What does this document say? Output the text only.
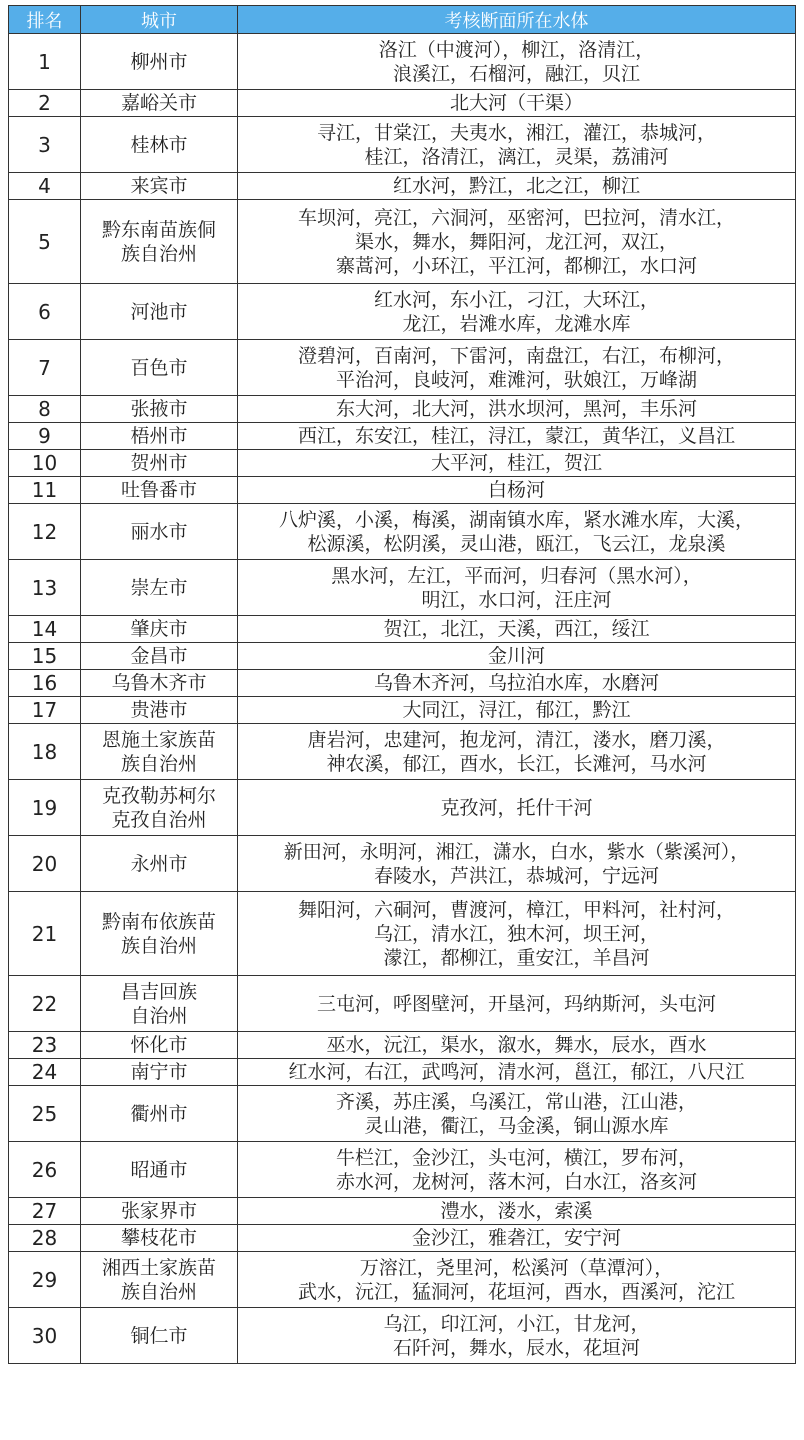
排名	城市	考核断面所在水体
1	柳州市	洛江（中渡河），柳江，洛清江，
浪溪江，石榴河，融江，贝江

2	嘉峪关市	北大河（干渠）

3	桂林市	寻江，甘棠江，夫夷水，湘江，灌江，恭城河，
桂江，洛清江，漓江，灵渠，荔浦河

4	来宾市	红水河，黔江，北之江，柳江

5	黔东南苗族侗
族自治州	车坝河，亮江，六洞河，巫密河，巴拉河，清水江，
渠水，舞水，舞阳河，龙江河，双江，
寨蒿河，小环江，平江河，都柳江，水口河

6	河池市	红水河，东小江，刁江，大环江，
龙江，岩滩水库，龙滩水库

7	百色市	澄碧河，百南河，下雷河，南盘江，右江，布柳河，
平治河，良岐河，难滩河，驮娘江，万峰湖

8	张掖市	东大河，北大河，洪水坝河，黑河，丰乐河

9	梧州市	西江，东安江，桂江，浔江，蒙江，黄华江，义昌江

10	贺州市	大平河，桂江，贺江

11	吐鲁番市	白杨河

12	丽水市	八炉溪，小溪，梅溪，湖南镇水库，紧水滩水库，大溪，
松源溪，松阴溪，灵山港，瓯江，飞云江，龙泉溪

13	崇左市	黑水河，左江，平而河，归春河（黑水河），
明江，水口河，汪庄河

14	肇庆市	贺江，北江，天溪，西江，绥江

15	金昌市	金川河

16	乌鲁木齐市	乌鲁木齐河，乌拉泊水库，水磨河

17	贵港市	大同江，浔江，郁江，黔江

18	恩施土家族苗
族自治州	唐岩河，忠建河，抱龙河，清江，溇水，磨刀溪，
神农溪，郁江，酉水，长江，长滩河，马水河

19	克孜勒苏柯尔
克孜自治州	克孜河，托什干河

20	永州市	新田河，永明河，湘江，潇水，白水，紫水（紫溪河），
春陵水，芦洪江，恭城河，宁远河

21	黔南布依族苗
族自治州	舞阳河，六硐河，曹渡河，樟江，甲料河，社村河，
乌江，清水江，独木河，坝王河，
濛江，都柳江，重安江，羊昌河

22	昌吉回族
自治州	三屯河，呼图壁河，开垦河，玛纳斯河，头屯河

23	怀化市	巫水，沅江，渠水，溆水，舞水，辰水，酉水

24	南宁市	红水河，右江，武鸣河，清水河，邕江，郁江，八尺江

25	衢州市	齐溪，苏庄溪，乌溪江，常山港，江山港，
灵山港，衢江，马金溪，铜山源水库

26	昭通市	牛栏江，金沙江，头屯河，横江，罗布河，
赤水河，龙树河，落木河，白水江，洛亥河

27	张家界市	澧水，溇水，索溪

28	攀枝花市	金沙江，雅砻江，安宁河

29	湘西土家族苗
族自治州	万溶江，尧里河，松溪河（草潭河），
武水，沅江，猛洞河，花垣河，酉水，酉溪河，沱江

30	铜仁市	乌江，印江河，小江，甘龙河，
石阡河，舞水，辰水，花垣河
